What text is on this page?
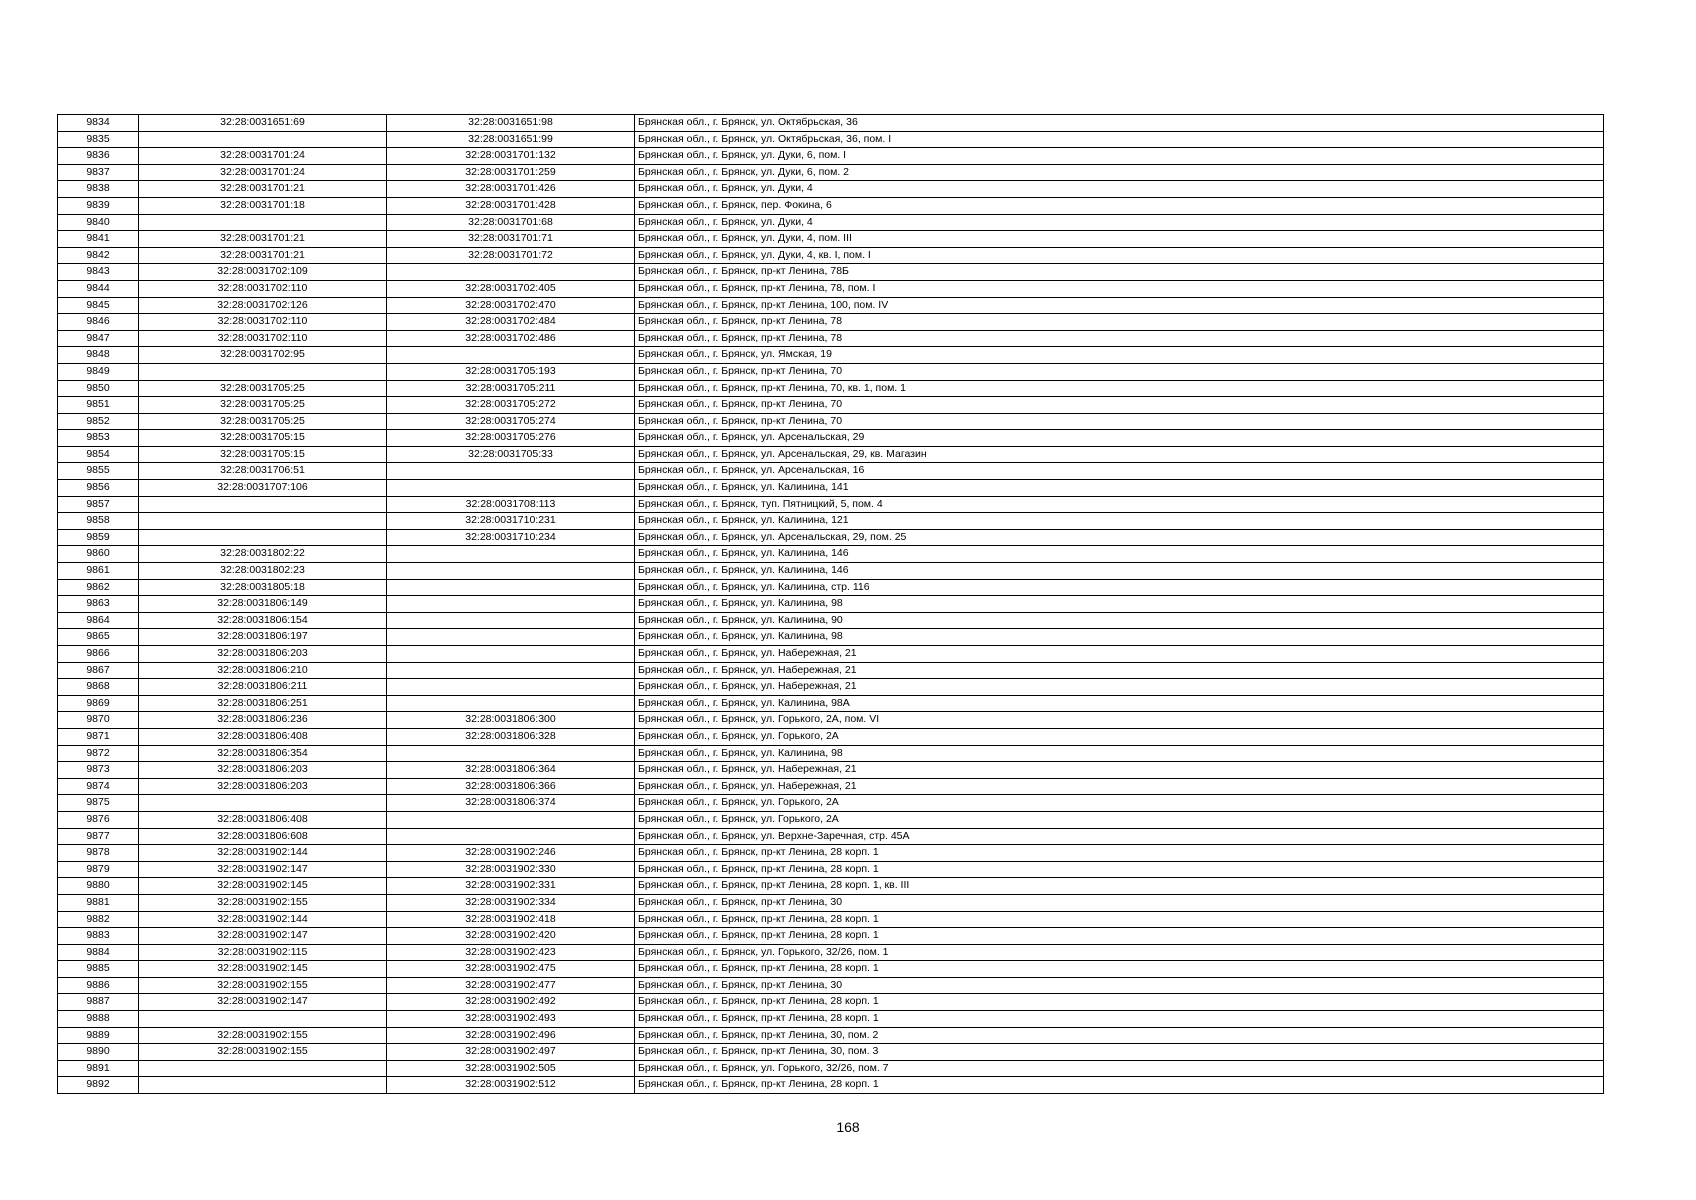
9834	32:28:0031651:69	32:28:0031651:98	Брянская обл., г. Брянск, ул. Октябрьская, 36
9835		32:28:0031651:99	Брянская обл., г. Брянск, ул. Октябрьская, 36, пом. I
9836	32:28:0031701:24	32:28:0031701:132	Брянская обл., г. Брянск, ул. Дуки, 6, пом. I
9837	32:28:0031701:24	32:28:0031701:259	Брянская обл., г. Брянск, ул. Дуки, 6, пом. 2
9838	32:28:0031701:21	32:28:0031701:426	Брянская обл., г. Брянск, ул. Дуки, 4
9839	32:28:0031701:18	32:28:0031701:428	Брянская обл., г. Брянск, пер. Фокина, 6
9840		32:28:0031701:68	Брянская обл., г. Брянск, ул. Дуки, 4
9841	32:28:0031701:21	32:28:0031701:71	Брянская обл., г. Брянск, ул. Дуки, 4, пом. III
9842	32:28:0031701:21	32:28:0031701:72	Брянская обл., г. Брянск, ул. Дуки, 4, кв. I, пом. I
9843	32:28:0031702:109		Брянская обл., г. Брянск, пр-кт Ленина, 78Б
9844	32:28:0031702:110	32:28:0031702:405	Брянская обл., г. Брянск, пр-кт Ленина, 78, пом. I
9845	32:28:0031702:126	32:28:0031702:470	Брянская обл., г. Брянск, пр-кт Ленина, 100, пом. IV
9846	32:28:0031702:110	32:28:0031702:484	Брянская обл., г. Брянск, пр-кт Ленина, 78
9847	32:28:0031702:110	32:28:0031702:486	Брянская обл., г. Брянск, пр-кт Ленина, 78
9848	32:28:0031702:95		Брянская обл., г. Брянск, ул. Ямская, 19
9849		32:28:0031705:193	Брянская обл., г. Брянск, пр-кт Ленина, 70
9850	32:28:0031705:25	32:28:0031705:211	Брянская обл., г. Брянск, пр-кт Ленина, 70, кв. 1, пом. 1
9851	32:28:0031705:25	32:28:0031705:272	Брянская обл., г. Брянск, пр-кт Ленина, 70
9852	32:28:0031705:25	32:28:0031705:274	Брянская обл., г. Брянск, пр-кт Ленина, 70
9853	32:28:0031705:15	32:28:0031705:276	Брянская обл., г. Брянск, ул. Арсенальская, 29
9854	32:28:0031705:15	32:28:0031705:33	Брянская обл., г. Брянск, ул. Арсенальская, 29, кв. Магазин
9855	32:28:0031706:51		Брянская обл., г. Брянск, ул. Арсенальская, 16
9856	32:28:0031707:106		Брянская обл., г. Брянск, ул. Калинина, 141
9857		32:28:0031708:113	Брянская обл., г. Брянск, туп. Пятницкий, 5, пом. 4
9858		32:28:0031710:231	Брянская обл., г. Брянск, ул. Калинина, 121
9859		32:28:0031710:234	Брянская обл., г. Брянск, ул. Арсенальская, 29, пом. 25
9860	32:28:0031802:22		Брянская обл., г. Брянск, ул. Калинина, 146
9861	32:28:0031802:23		Брянская обл., г. Брянск, ул. Калинина, 146
9862	32:28:0031805:18		Брянская обл., г. Брянск, ул. Калинина, стр. 116
9863	32:28:0031806:149		Брянская обл., г. Брянск, ул. Калинина, 98
9864	32:28:0031806:154		Брянская обл., г. Брянск, ул. Калинина, 90
9865	32:28:0031806:197		Брянская обл., г. Брянск, ул. Калинина, 98
9866	32:28:0031806:203		Брянская обл., г. Брянск, ул. Набережная, 21
9867	32:28:0031806:210		Брянская обл., г. Брянск, ул. Набережная, 21
9868	32:28:0031806:211		Брянская обл., г. Брянск, ул. Набережная, 21
9869	32:28:0031806:251		Брянская обл., г. Брянск, ул. Калинина, 98А
9870	32:28:0031806:236	32:28:0031806:300	Брянская обл., г. Брянск, ул. Горького, 2А, пом. VI
9871	32:28:0031806:408	32:28:0031806:328	Брянская обл., г. Брянск, ул. Горького, 2А
9872	32:28:0031806:354		Брянская обл., г. Брянск, ул. Калинина, 98
9873	32:28:0031806:203	32:28:0031806:364	Брянская обл., г. Брянск, ул. Набережная, 21
9874	32:28:0031806:203	32:28:0031806:366	Брянская обл., г. Брянск, ул. Набережная, 21
9875		32:28:0031806:374	Брянская обл., г. Брянск, ул. Горького, 2А
9876	32:28:0031806:408		Брянская обл., г. Брянск, ул. Горького, 2А
9877	32:28:0031806:608		Брянская обл., г. Брянск, ул. Верхне-Заречная, стр. 45А
9878	32:28:0031902:144	32:28:0031902:246	Брянская обл., г. Брянск, пр-кт Ленина, 28 корп. 1
9879	32:28:0031902:147	32:28:0031902:330	Брянская обл., г. Брянск, пр-кт Ленина, 28 корп. 1
9880	32:28:0031902:145	32:28:0031902:331	Брянская обл., г. Брянск, пр-кт Ленина, 28 корп. 1, кв. III
9881	32:28:0031902:155	32:28:0031902:334	Брянская обл., г. Брянск, пр-кт Ленина, 30
9882	32:28:0031902:144	32:28:0031902:418	Брянская обл., г. Брянск, пр-кт Ленина, 28 корп. 1
9883	32:28:0031902:147	32:28:0031902:420	Брянская обл., г. Брянск, пр-кт Ленина, 28 корп. 1
9884	32:28:0031902:115	32:28:0031902:423	Брянская обл., г. Брянск, ул. Горького, 32/26, пом. 1
9885	32:28:0031902:145	32:28:0031902:475	Брянская обл., г. Брянск, пр-кт Ленина, 28 корп. 1
9886	32:28:0031902:155	32:28:0031902:477	Брянская обл., г. Брянск, пр-кт Ленина, 30
9887	32:28:0031902:147	32:28:0031902:492	Брянская обл., г. Брянск, пр-кт Ленина, 28 корп. 1
9888		32:28:0031902:493	Брянская обл., г. Брянск, пр-кт Ленина, 28 корп. 1
9889	32:28:0031902:155	32:28:0031902:496	Брянская обл., г. Брянск, пр-кт Ленина, 30, пом. 2
9890	32:28:0031902:155	32:28:0031902:497	Брянская обл., г. Брянск, пр-кт Ленина, 30, пом. 3
9891		32:28:0031902:505	Брянская обл., г. Брянск, ул. Горького, 32/26, пом. 7
9892		32:28:0031902:512	Брянская обл., г. Брянск, пр-кт Ленина, 28 корп. 1
168
